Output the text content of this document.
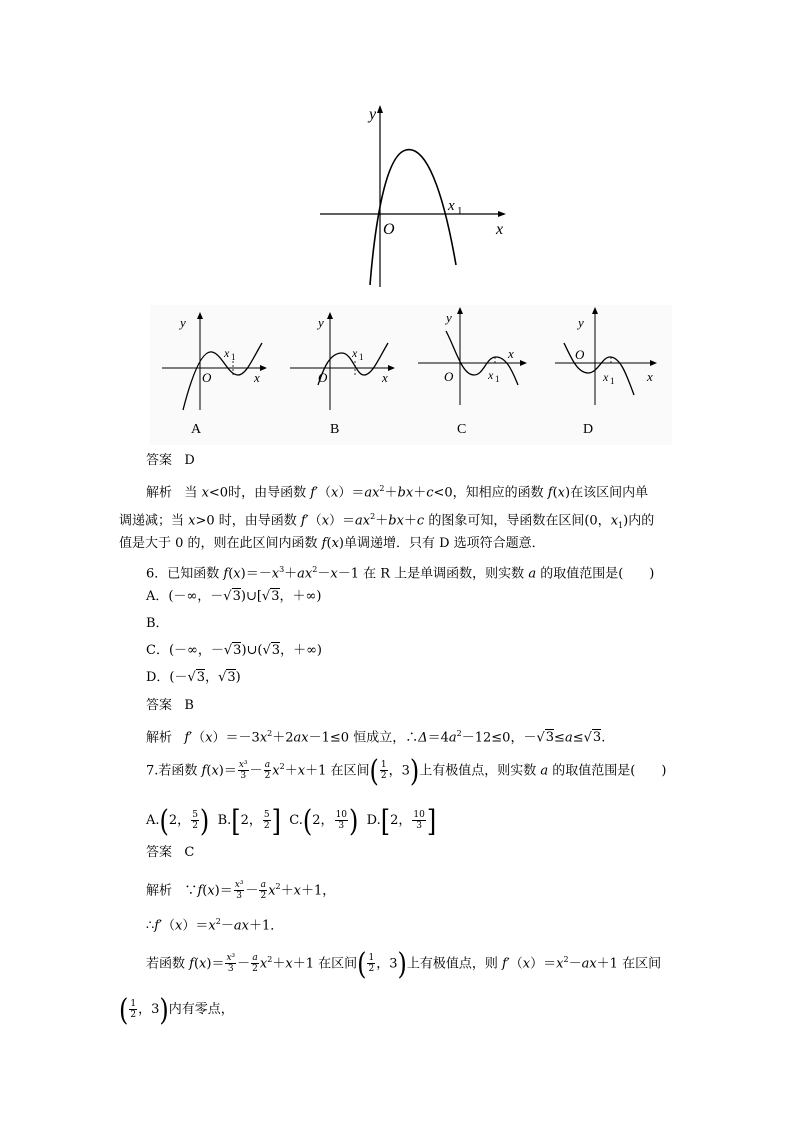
y
x
O
x 1
y
x
O
x 1
A
y
x
O
x 1
B
y
x
O	x 1
C
y
x
O
x 1
D
答案 D
解析 当 x<0时，由导函数 $f'(x)=ax^2+bx+c<0$，知相应的函数 f(x)在该区间内单
调递减；当 x>0 时，由导函数 $f'(x)=ax^2+bx+c$ 的图象可知，导函数在区间(0，$x_1$)内的
值是大于 0 的，则在此区间内函数 f(x)单调递增．只有 D 选项符合题意．
6．已知函数 $f(x)=-x^3+ax^2-x-1$ 在 R 上是单调函数，则实数 a 的取值范围是(　　)
A．(－∞，－√3)∪[√3，＋∞)
B．
C．(－∞，－√3)∪(√3，＋∞)
D．(－√3，√3)
答案 B
解析 $f'(x)=-3x^2+2ax-1\le 0$ 恒成立，$\therefore\Delta=4a^2-12\le 0$，－√3≤a≤√3.
7.若函数 $f(x)= \frac{\text{x³}}{3} - \frac{a}{2} x^2+x+1$ 在区间( $\frac{1}{2}$ ，3)上有极值点，则实数 a 的取值范围是(　　)
A.(2， $\frac{5}{2}$ ) B.[2， $\frac{5}{2}$ ] C.(2， $\frac{10}{3}$ ) D.[2， $\frac{10}{3}$ ]
答案 C
解析 ∵f(x)＝ $\frac{\text{x³}}{3} - \frac{a}{2} x^2+x+1$，
$\therefore f'(x)=x^2-ax+1$．
若函数 $f(x)= \frac{\text{x³}}{3} - \frac{a}{2} x^2+x+1$ 在区间( $\frac{1}{2}$ ，3)上有极值点，则 $f'(x)=x^2-ax+1$ 在区间
( $\frac{1}{2}$ ，3)内有零点，
